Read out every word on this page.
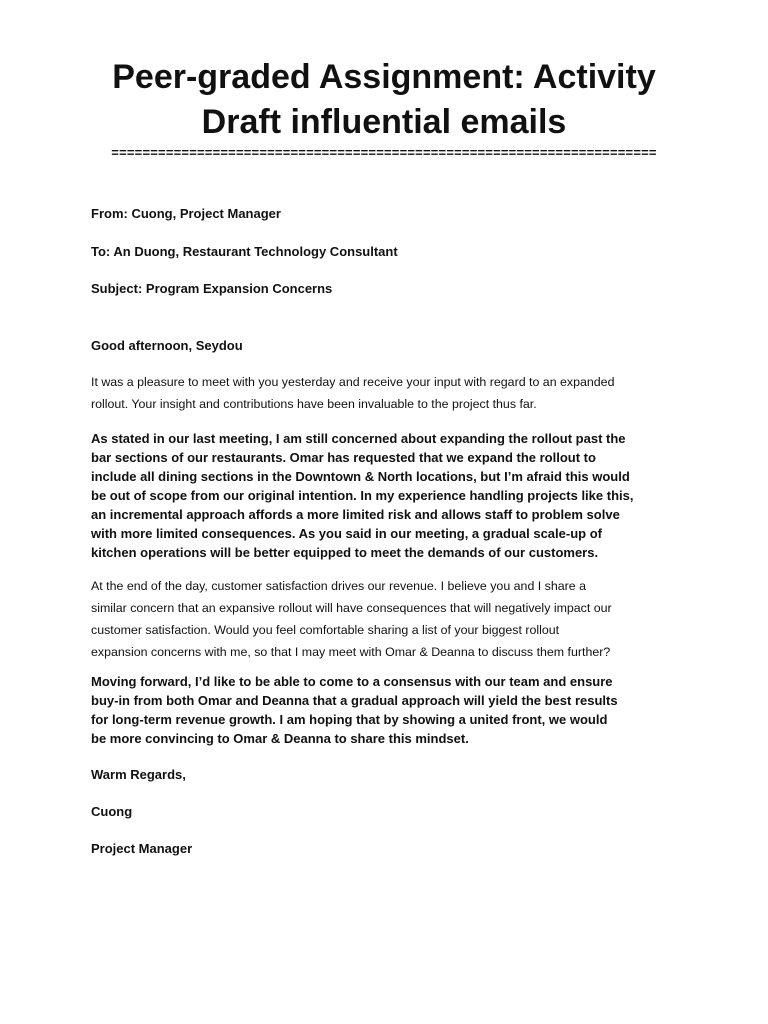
Peer-graded Assignment: Activity
Draft influential emails
======================================================================
From: Cuong, Project Manager
To: An Duong, Restaurant Technology Consultant
Subject: Program Expansion Concerns
Good afternoon, Seydou
It was a pleasure to meet with you yesterday and receive your input with regard to an expanded
rollout. Your insight and contributions have been invaluable to the project thus far.
As stated in our last meeting, I am still concerned about expanding the rollout past the
bar sections of our restaurants. Omar has requested that we expand the rollout to
include all dining sections in the Downtown & North locations, but I’m afraid this would
be out of scope from our original intention. In my experience handling projects like this,
an incremental approach affords a more limited risk and allows staff to problem solve
with more limited consequences. As you said in our meeting, a gradual scale-up of
kitchen operations will be better equipped to meet the demands of our customers.
At the end of the day, customer satisfaction drives our revenue. I believe you and I share a
similar concern that an expansive rollout will have consequences that will negatively impact our
customer satisfaction. Would you feel comfortable sharing a list of your biggest rollout
expansion concerns with me, so that I may meet with Omar & Deanna to discuss them further?
Moving forward, I’d like to be able to come to a consensus with our team and ensure
buy-in from both Omar and Deanna that a gradual approach will yield the best results
for long-term revenue growth. I am hoping that by showing a united front, we would
be more convincing to Omar & Deanna to share this mindset.
Warm Regards,
Cuong
Project Manager
